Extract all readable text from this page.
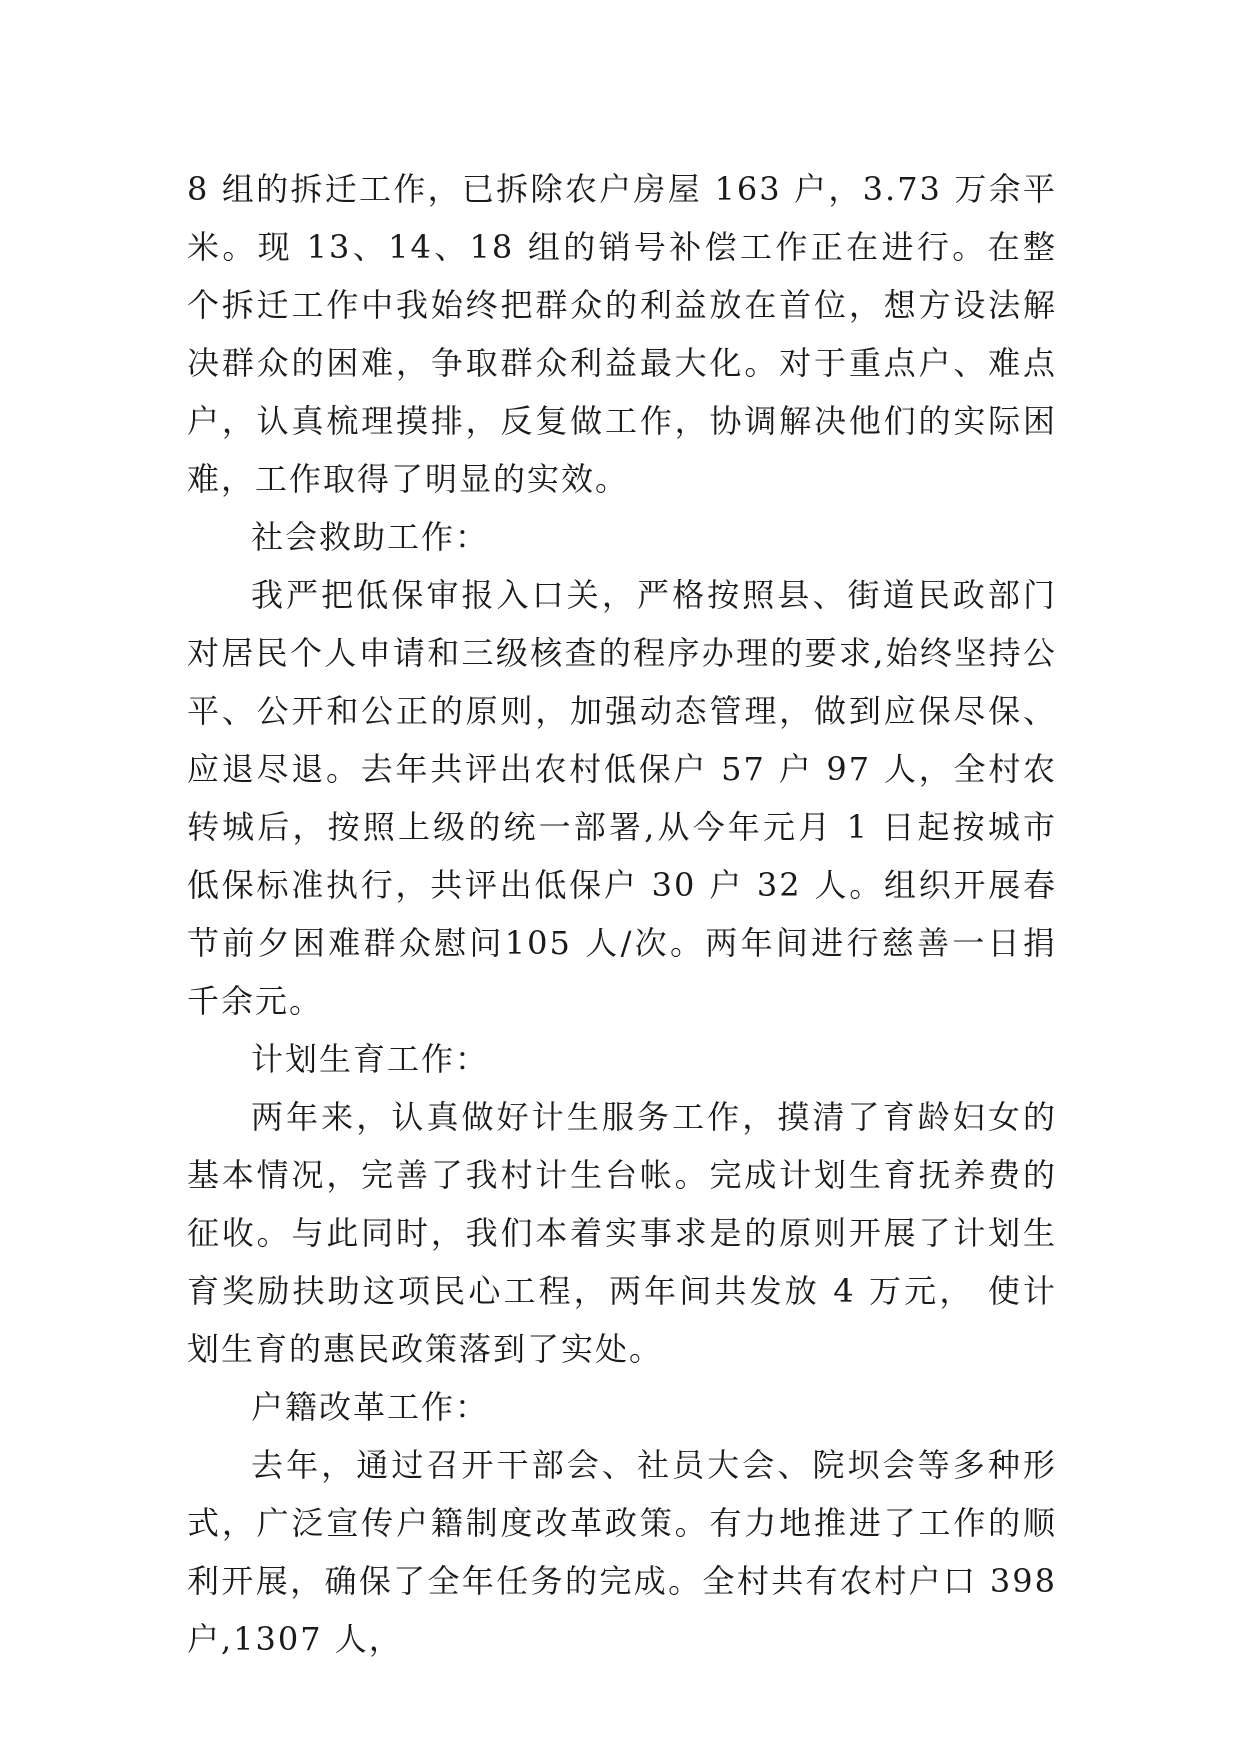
8 组的拆迁工作，已拆除农户房屋 163 户，3.73 万余平米。现 13、14、18 组的销号补偿工作正在进行。在整个拆迁工作中我始终把群众的利益放在首位，想方设法解决群众的困难，争取群众利益最大化。对于重点户、难点户，认真梳理摸排，反复做工作，协调解决他们的实际困难，工作取得了明显的实效。

社会救助工作：

我严把低保审报入口关，严格按照县、街道民政部门对居民个人申请和三级核查的程序办理的要求,始终坚持公平、公开和公正的原则，加强动态管理，做到应保尽保、应退尽退。去年共评出农村低保户 57 户 97 人，全村农转城后，按照上级的统一部署,从今年元月 1 日起按城市低保标准执行，共评出低保户 30 户 32 人。组织开展春节前夕困难群众慰问105 人/次。两年间进行慈善一日捐千余元。

计划生育工作：

两年来，认真做好计生服务工作，摸清了育龄妇女的基本情况，完善了我村计生台帐。完成计划生育抚养费的征收。与此同时，我们本着实事求是的原则开展了计划生育奖励扶助这项民心工程，两年间共发放 4 万元， 使计划生育的惠民政策落到了实处。

户籍改革工作：

去年，通过召开干部会、社员大会、院坝会等多种形式，广泛宣传户籍制度改革政策。有力地推进了工作的顺利开展，确保了全年任务的完成。全村共有农村户口 398 户,1307 人，
